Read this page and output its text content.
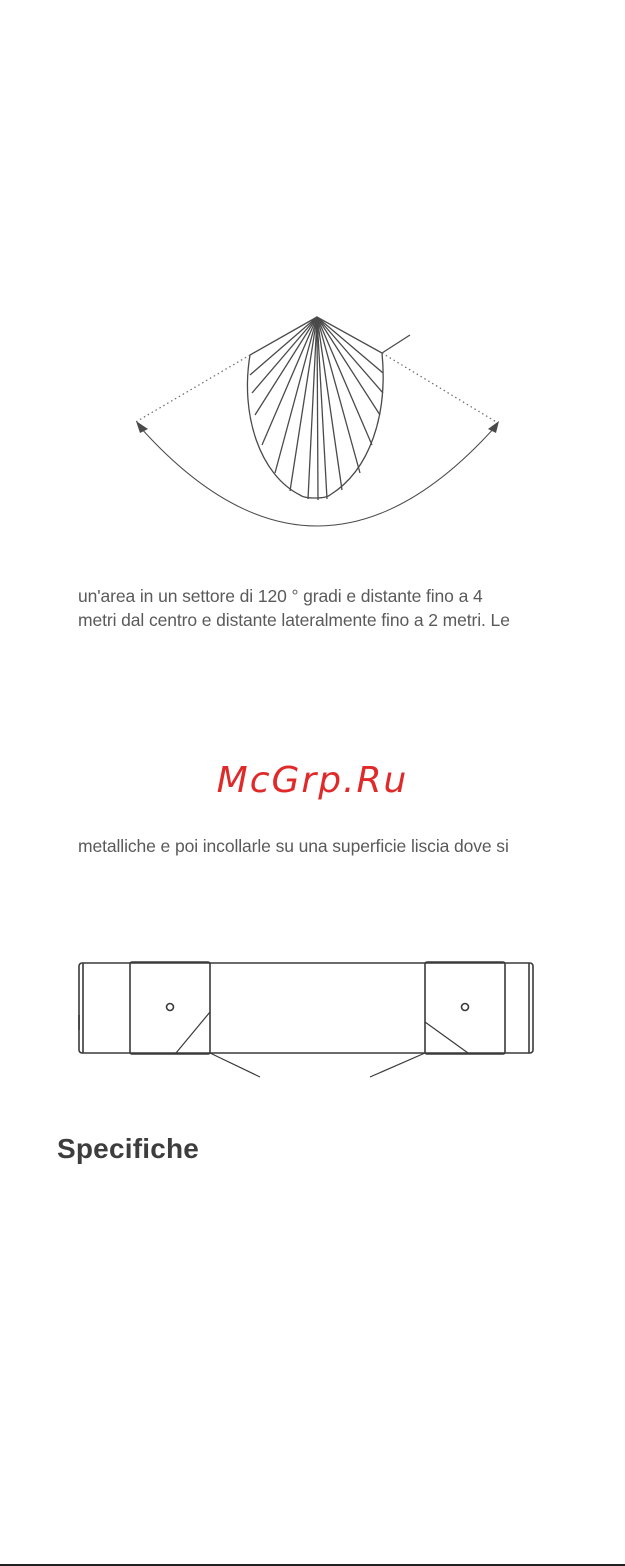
un'area in un settore di 120 ° gradi e distante fino a 4
metri dal centro e distante lateralmente fino a 2 metri. Le
McGrp.Ru
metalliche e poi incollarle su una superficie liscia dove si
Specifiche
